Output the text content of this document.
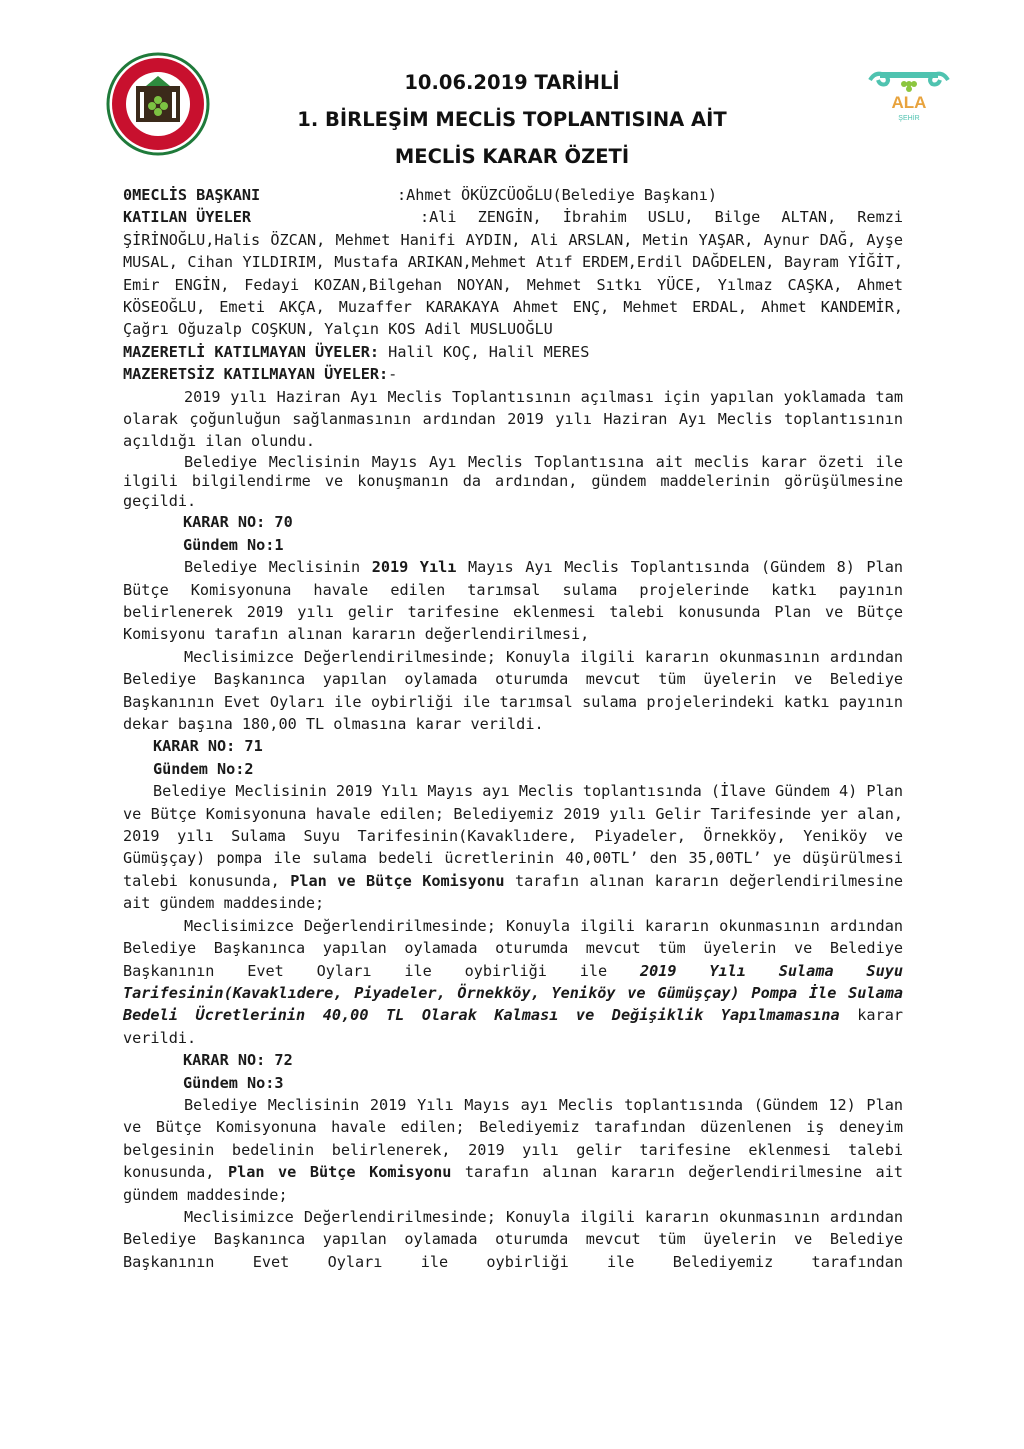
ALA
ŞEHİR
10.06.2019 TARİHLİ
1. BİRLEŞİM MECLİS TOPLANTISINA AİT
MECLİS KARAR ÖZETİ
0MECLİS BAŞKANI	:Ahmet ÖKÜZCÜOĞLU(Belediye Başkanı)
KATILAN ÜYELER	:Ali ZENGİN, İbrahim USLU, Bilge ALTAN, Remzi

ŞİRİNOĞLU,Halis ÖZCAN, Mehmet Hanifi AYDIN, Ali ARSLAN, Metin YAŞAR, Aynur DAĞ, Ayşe MUSAL, Cihan YILDIRIM, Mustafa ARIKAN,Mehmet Atıf ERDEM,Erdil DAĞDELEN, Bayram YİĞİT, Emir ENGİN, Fedayi KOZAN,Bilgehan NOYAN, Mehmet Sıtkı YÜCE, Yılmaz CAŞKA, Ahmet KÖSEOĞLU, Emeti AKÇA, Muzaffer KARAKAYA Ahmet ENÇ, Mehmet ERDAL, Ahmet KANDEMİR, Çağrı Oğuzalp COŞKUN, Yalçın KOS Adil MUSLUOĞLU

MAZERETLİ KATILMAYAN ÜYELER: Halil KOÇ, Halil MERES
MAZERETSİZ KATILMAYAN ÜYELER:-

2019 yılı Haziran Ayı Meclis Toplantısının açılması için yapılan yoklamada tam olarak çoğunluğun sağlanmasının ardından 2019 yılı Haziran Ayı Meclis toplantısının açıldığı ilan olundu.

Belediye Meclisinin Mayıs Ayı Meclis Toplantısına ait meclis karar özeti ile ilgili bilgilendirme ve konuşmanın da ardından, gündem maddelerinin görüşülmesine geçildi.

KARAR NO: 70
Gündem No:1

Belediye Meclisinin 2019 Yılı Mayıs Ayı Meclis Toplantısında (Gündem 8) Plan Bütçe Komisyonuna havale edilen tarımsal sulama projelerinde katkı payının belirlenerek 2019 yılı gelir tarifesine eklenmesi talebi konusunda Plan ve Bütçe Komisyonu tarafın alınan kararın değerlendirilmesi,

Meclisimizce Değerlendirilmesinde; Konuyla ilgili kararın okunmasının ardından Belediye Başkanınca yapılan oylamada oturumda mevcut tüm üyelerin ve Belediye Başkanının Evet Oyları ile oybirliği ile tarımsal sulama projelerindeki katkı payının dekar başına 180,00 TL olmasına karar verildi.

KARAR NO: 71
Gündem No:2

Belediye Meclisinin 2019 Yılı Mayıs ayı Meclis toplantısında (İlave Gündem 4) Plan ve Bütçe Komisyonuna havale edilen; Belediyemiz 2019 yılı Gelir Tarifesinde yer alan, 2019 yılı Sulama Suyu Tarifesinin(Kavaklıdere, Piyadeler, Örnekköy, Yeniköy ve Gümüşçay) pompa ile sulama bedeli ücretlerinin 40,00TL’ den 35,00TL’ ye düşürülmesi talebi konusunda, Plan ve Bütçe Komisyonu tarafın alınan kararın değerlendirilmesine ait gündem maddesinde;

Meclisimizce Değerlendirilmesinde; Konuyla ilgili kararın okunmasının ardından Belediye Başkanınca yapılan oylamada oturumda mevcut tüm üyelerin ve Belediye Başkanının Evet Oyları ile oybirliği ile 2019 Yılı Sulama Suyu Tarifesinin(Kavaklıdere, Piyadeler, Örnekköy, Yeniköy ve Gümüşçay) Pompa İle Sulama Bedeli Ücretlerinin 40,00 TL Olarak Kalması ve Değişiklik Yapılmamasına karar verildi.

KARAR NO: 72
Gündem No:3

Belediye Meclisinin 2019 Yılı Mayıs ayı Meclis toplantısında (Gündem 12) Plan ve Bütçe Komisyonuna havale edilen; Belediyemiz tarafından düzenlenen iş deneyim belgesinin bedelinin belirlenerek, 2019 yılı gelir tarifesine eklenmesi talebi konusunda, Plan ve Bütçe Komisyonu tarafın alınan kararın değerlendirilmesine ait gündem maddesinde;

Meclisimizce Değerlendirilmesinde; Konuyla ilgili kararın okunmasının ardından Belediye Başkanınca yapılan oylamada oturumda mevcut tüm üyelerin ve Belediye Başkanının Evet Oyları ile oybirliği ile Belediyemiz tarafından
